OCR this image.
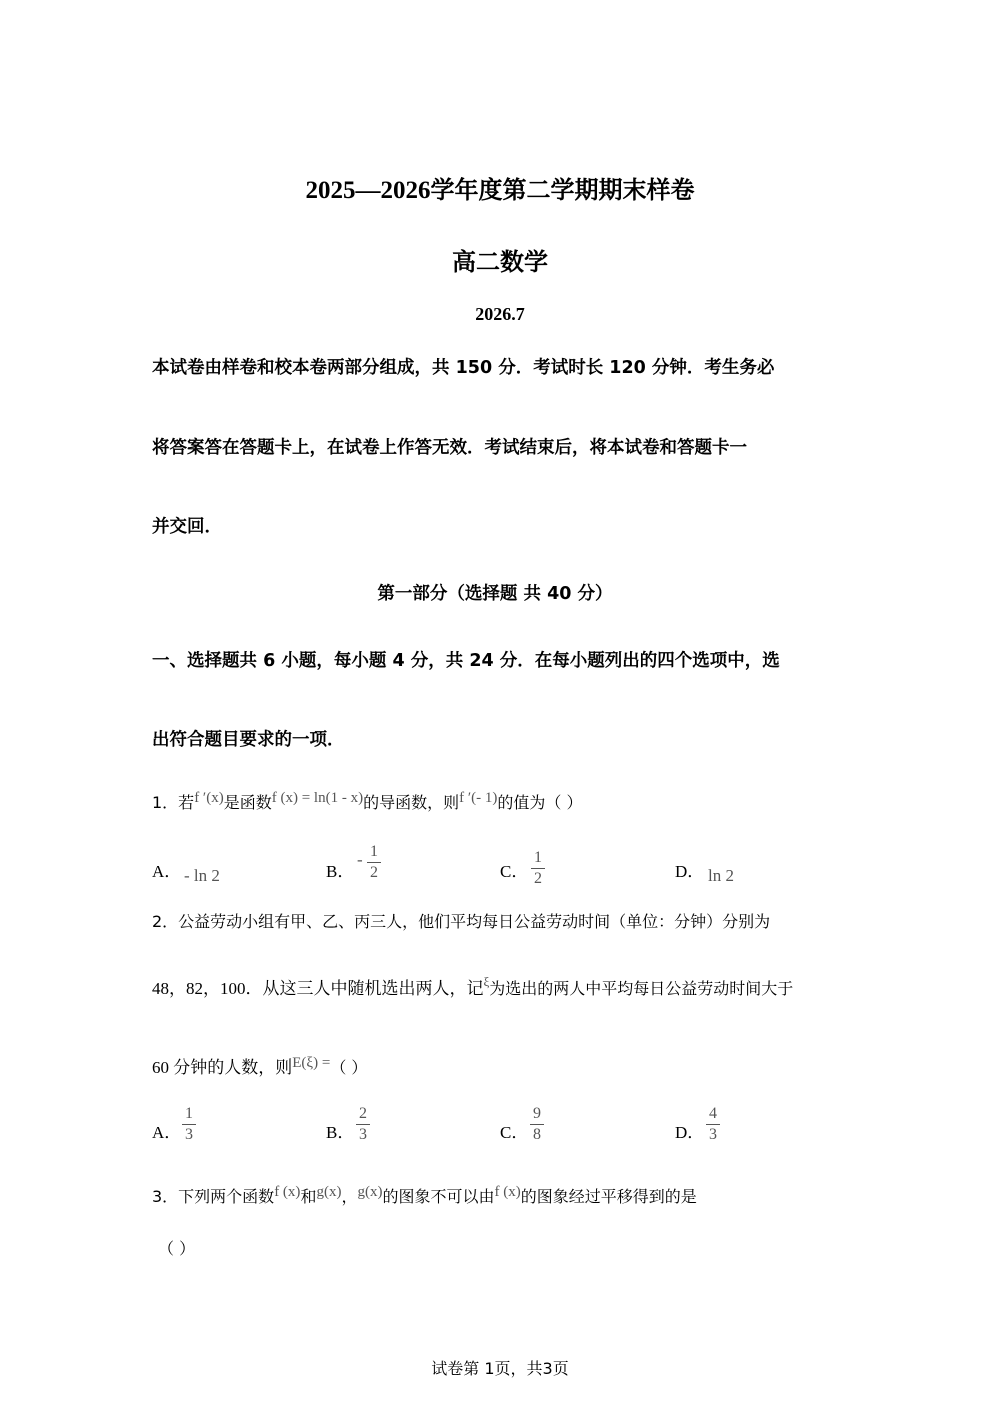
2025—2026学年度第二学期期末样卷
高二数学
2026.7
本试卷由样卷和校本卷两部分组成，共 150 分．考试时长 120 分钟．考生务必
将答案答在答题卡上，在试卷上作答无效．考试结束后，将本试卷和答题卡一
并交回．
第一部分（选择题 共 40 分）
一、选择题共 6 小题，每小题 4 分，共 24 分．在每小题列出的四个选项中，选
出符合题目要求的一项．
1．若f ′(x)是函数f (x) = ln(1 - x)的导函数，则f ′(- 1)的值为（ ）
A． - ln 2	B．
- 1
2	C．
1
2	D． ln 2
2．公益劳动小组有甲、乙、丙三人，他们平均每日公益劳动时间（单位：分钟）分别为
48，82，100．从这三人中随机选出两人，记ξ为选出的两人中平均每日公益劳动时间大于
60 分钟的人数，则E(ξ) =（ ）
A．
1
3	B．
2
3	C．
9
8	D．
4
3
3．下列两个函数f (x)和g(x)，g(x)的图象不可以由f (x)的图象经过平移得到的是
（ ）
试卷第 1页，共3页
